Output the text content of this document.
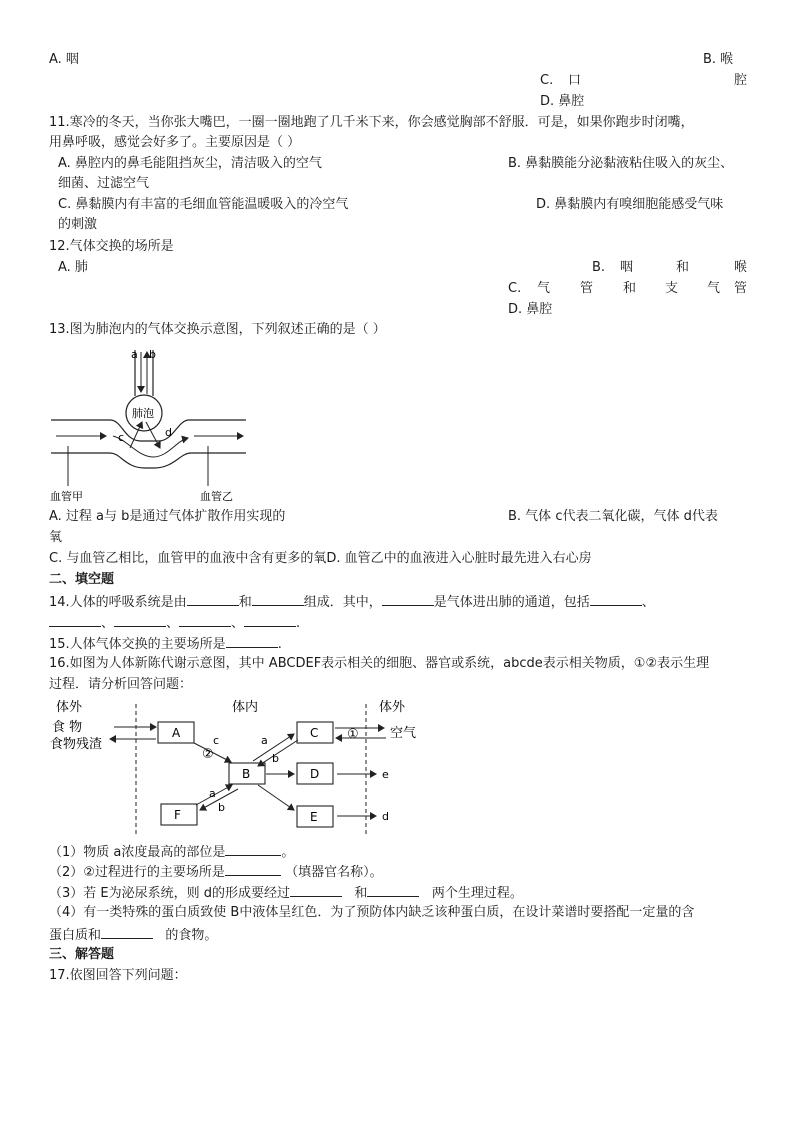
A. 咽	B. 喉
C. 口	腔
D. 鼻腔
11.寒冷的冬天，当你张大嘴巴，一圈一圈地跑了几千米下来，你会感觉胸部不舒服．可是，如果你跑步时闭嘴，
用鼻呼吸，感觉会好多了。主要原因是（ ）
A. 鼻腔内的鼻毛能阻挡灰尘，清洁吸入的空气	B. 鼻黏膜能分泌黏液粘住吸入的灰尘、
细菌、过滤空气
C. 鼻黏膜内有丰富的毛细血管能温暖吸入的冷空气	D. 鼻黏膜内有嗅细胞能感受气味
的刺激
12.气体交换的场所是
A. 肺	B. 咽	和	喉
C. 气 管 和 支 气 管
D. 鼻腔
13.图为肺泡内的气体交换示意图，下列叙述正确的是（ ）
a b
肺泡
c	d
血管甲	血管乙
A. 过程 a与 b是通过气体扩散作用实现的	B. 气体 c代表二氧化碳，气体 d代表
氧
C. 与血管乙相比，血管甲的血液中含有更多的氧D. 血管乙中的血液进入心脏时最先进入右心房
二、填空题
14.人体的呼吸系统是由	和	组成．其中，	是气体进出肺的通道，包括	、
、	、	、	.
15.人体气体交换的主要场所是	.
16.如图为人体新陈代谢示意图，其中 ABCDEF表示相关的细胞、器官或系统，abcde表示相关物质，①②表示生理
过程．请分析回答问题：
体外	体内	体外
食 物
食物残渣
空气
A	C
B	D
F	E
①
c
②
a
b
a
b
e
d
（1）物质 a浓度最高的部位是	。
（2）②过程进行的主要场所是	（填器官名称）。
（3）若 E为泌尿系统，则 d的形成要经过	和	两个生理过程。
（4）有一类特殊的蛋白质致使 B中液体呈红色．为了预防体内缺乏该种蛋白质，在设计菜谱时要搭配一定量的含
蛋白质和	的食物。
三、解答题
17.依图回答下列问题：
